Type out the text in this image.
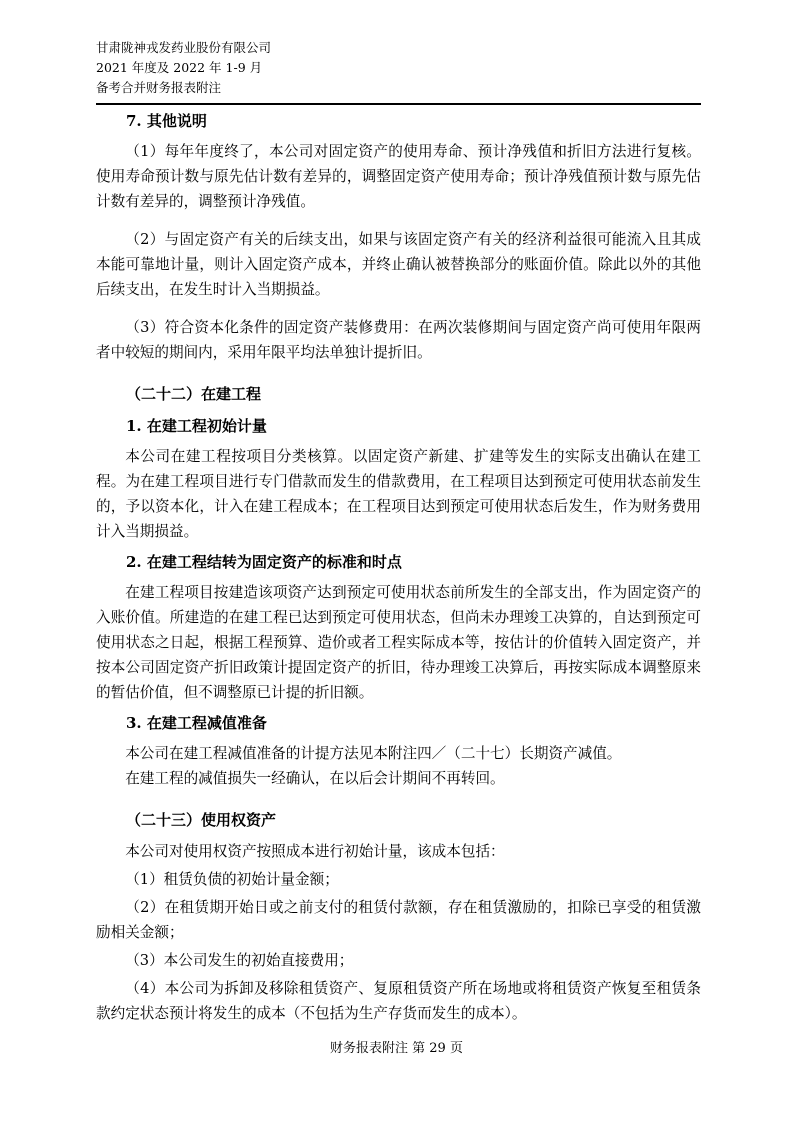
甘肃陇神戎发药业股份有限公司
2021 年度及 2022 年 1-9 月
备考合并财务报表附注
7. 其他说明
（1）每年年度终了，本公司对固定资产的使用寿命、预计净残值和折旧方法进行复核。使用寿命预计数与原先估计数有差异的，调整固定资产使用寿命；预计净残值预计数与原先估计数有差异的，调整预计净残值。
（2）与固定资产有关的后续支出，如果与该固定资产有关的经济利益很可能流入且其成本能可靠地计量，则计入固定资产成本，并终止确认被替换部分的账面价值。除此以外的其他后续支出，在发生时计入当期损益。
（3）符合资本化条件的固定资产装修费用：在两次装修期间与固定资产尚可使用年限两者中较短的期间内，采用年限平均法单独计提折旧。
（二十二）在建工程
1. 在建工程初始计量
本公司在建工程按项目分类核算。以固定资产新建、扩建等发生的实际支出确认在建工程。为在建工程项目进行专门借款而发生的借款费用，在工程项目达到预定可使用状态前发生的，予以资本化，计入在建工程成本；在工程项目达到预定可使用状态后发生，作为财务费用计入当期损益。
2. 在建工程结转为固定资产的标准和时点
在建工程项目按建造该项资产达到预定可使用状态前所发生的全部支出，作为固定资产的入账价值。所建造的在建工程已达到预定可使用状态，但尚未办理竣工决算的，自达到预定可使用状态之日起，根据工程预算、造价或者工程实际成本等，按估计的价值转入固定资产，并按本公司固定资产折旧政策计提固定资产的折旧，待办理竣工决算后，再按实际成本调整原来的暂估价值，但不调整原已计提的折旧额。
3. 在建工程减值准备
本公司在建工程减值准备的计提方法见本附注四／（二十七）长期资产减值。
在建工程的减值损失一经确认，在以后会计期间不再转回。
（二十三）使用权资产
本公司对使用权资产按照成本进行初始计量，该成本包括：
（1）租赁负债的初始计量金额；
（2）在租赁期开始日或之前支付的租赁付款额，存在租赁激励的，扣除已享受的租赁激励相关金额；
（3）本公司发生的初始直接费用；
（4）本公司为拆卸及移除租赁资产、复原租赁资产所在场地或将租赁资产恢复至租赁条款约定状态预计将发生的成本（不包括为生产存货而发生的成本）。
财务报表附注 第 29 页
